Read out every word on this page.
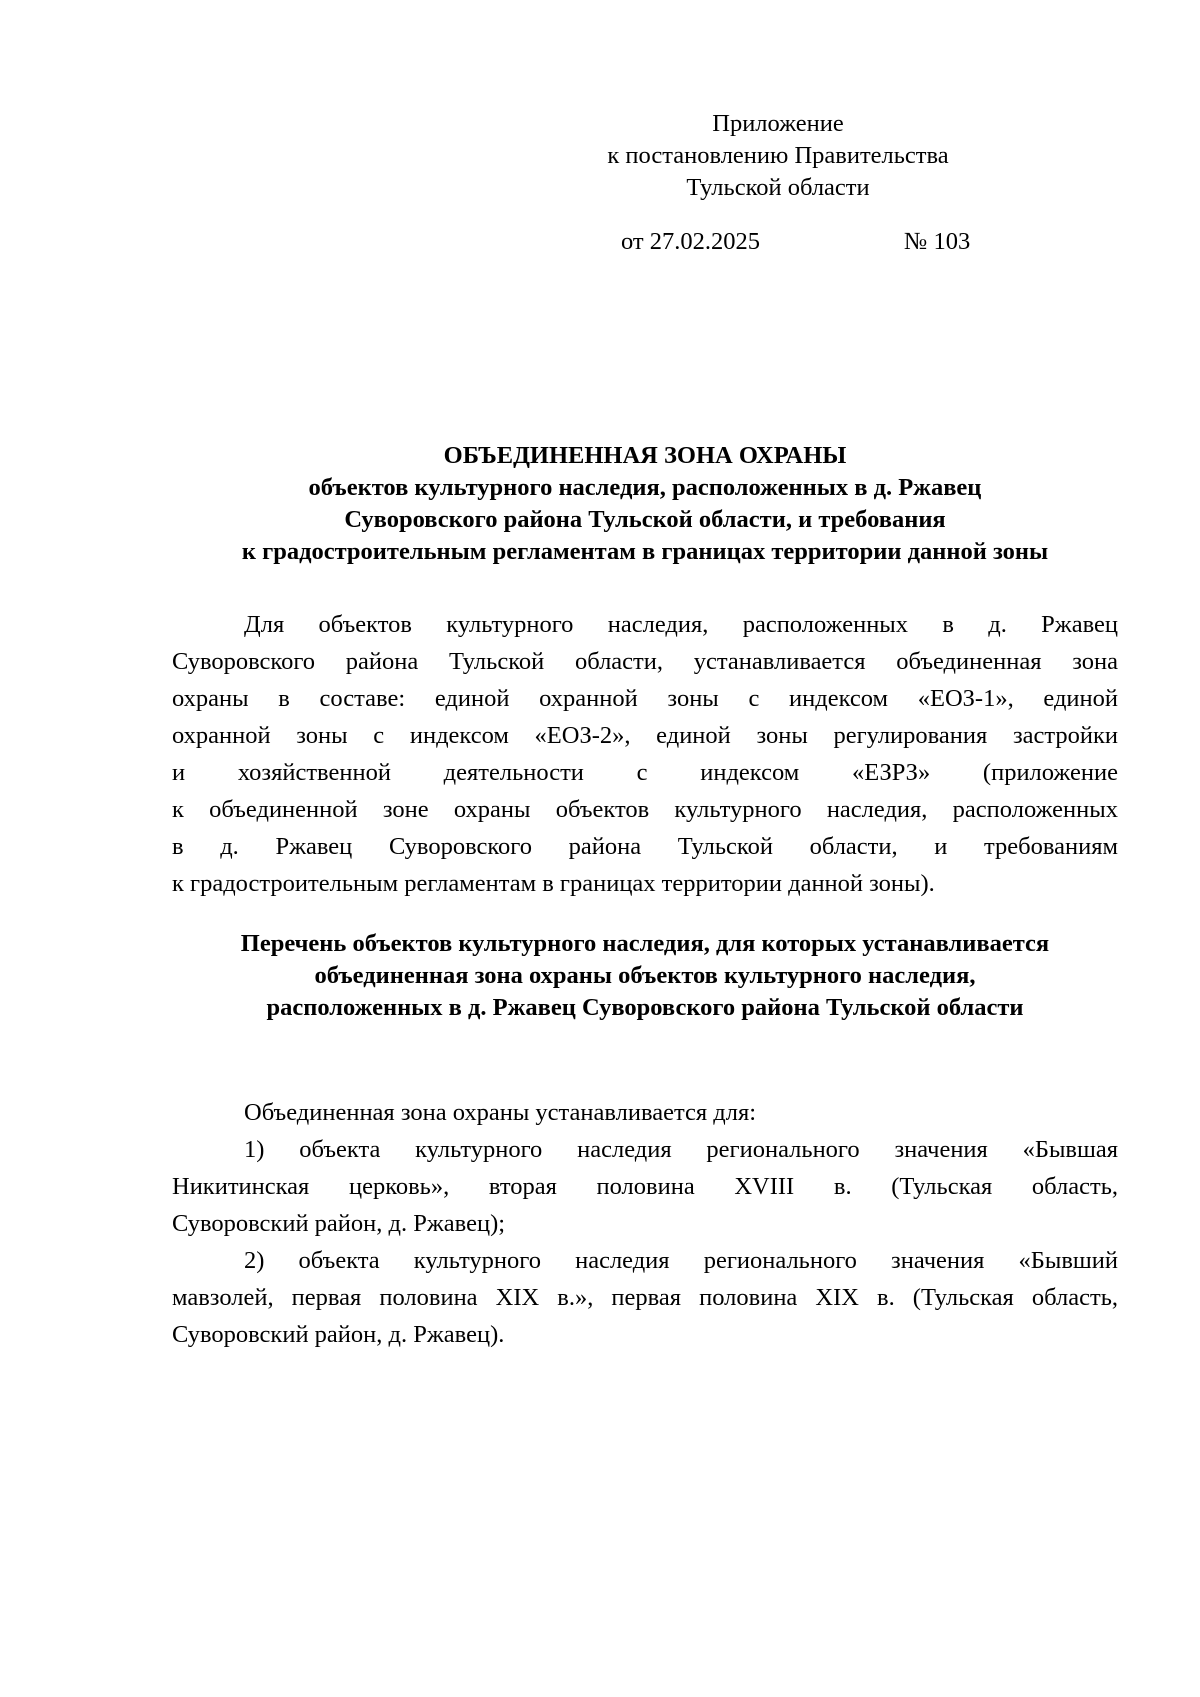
Приложение
к постановлению Правительства
Тульской области
от 27.02.2025	№ 103
ОБЪЕДИНЕННАЯ ЗОНА ОХРАНЫ
объектов культурного наследия, расположенных в д. Ржавец
Суворовского района Тульской области, и требования
к градостроительным регламентам в границах территории данной зоны
Для объектов культурного наследия, расположенных в д. Ржавец
Суворовского района Тульской области, устанавливается объединенная зона
охраны в составе: единой охранной зоны с индексом «ЕОЗ-1», единой
охранной зоны с индексом «ЕОЗ-2», единой зоны регулирования застройки
и хозяйственной деятельности с индексом «ЕЗРЗ» (приложение
к объединенной зоне охраны объектов культурного наследия, расположенных
в д. Ржавец Суворовского района Тульской области, и требованиям
к градостроительным регламентам в границах территории данной зоны).
Перечень объектов культурного наследия, для которых устанавливается
объединенная зона охраны объектов культурного наследия,
расположенных в д. Ржавец Суворовского района Тульской области
Объединенная зона охраны устанавливается для:
1) объекта культурного наследия регионального значения «Бывшая
Никитинская церковь», вторая половина XVIII в. (Тульская область,
Суворовский район, д. Ржавец);
2) объекта культурного наследия регионального значения «Бывший
мавзолей, первая половина XIX в.», первая половина XIX в. (Тульская область,
Суворовский район, д. Ржавец).
